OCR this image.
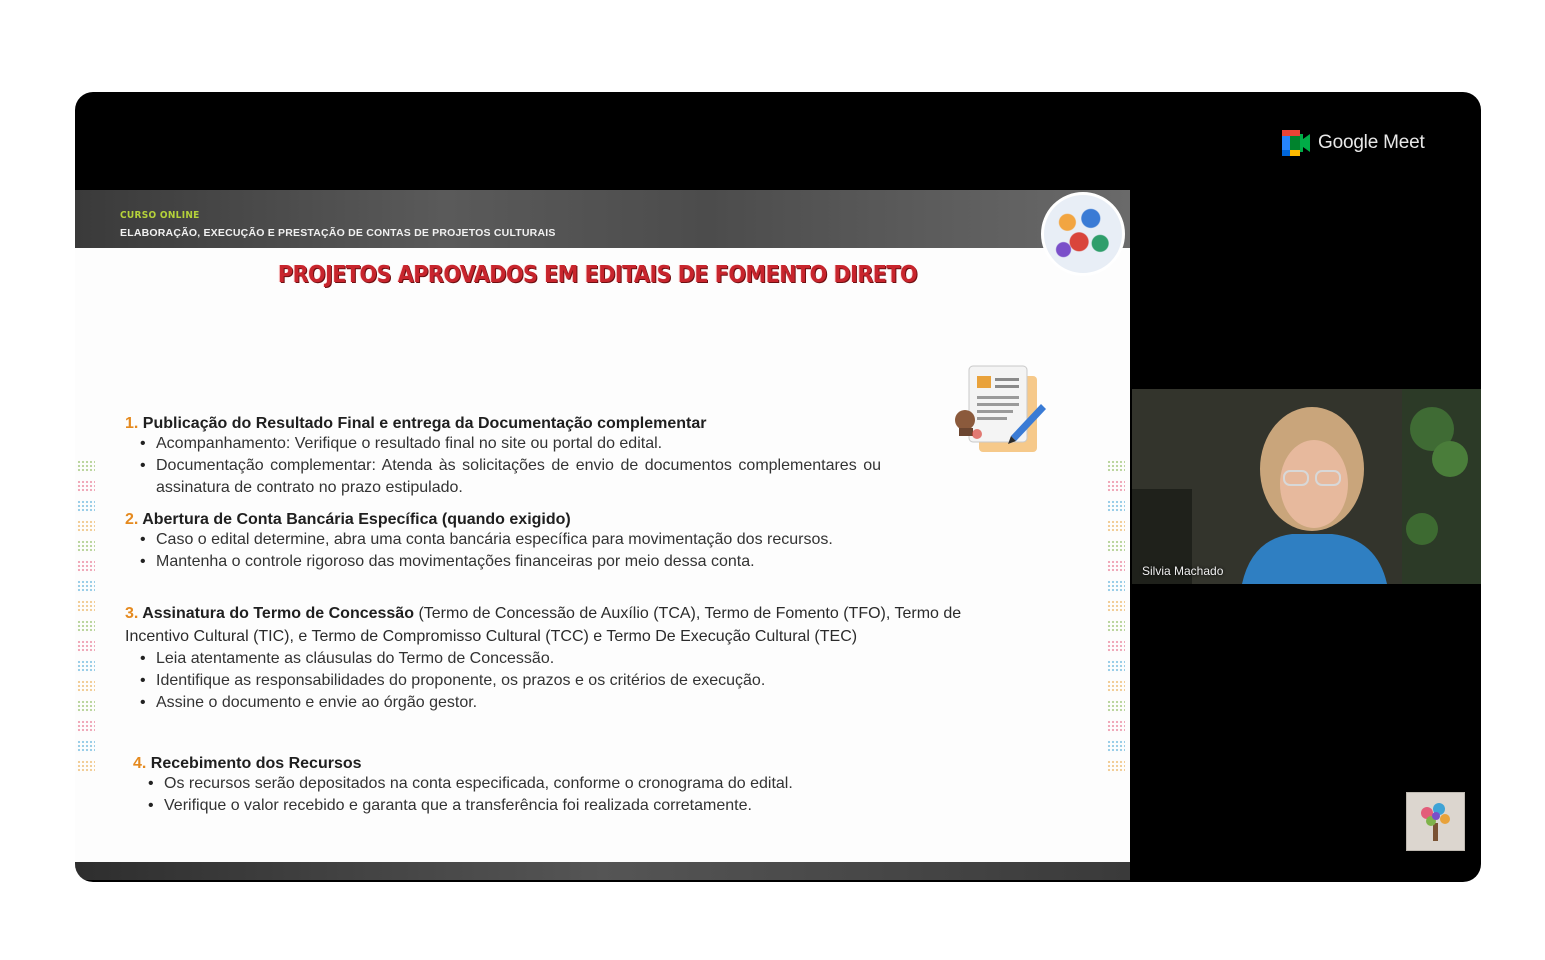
CURSO ONLINE
ELABORAÇÃO, EXECUÇÃO E PRESTAÇÃO DE CONTAS DE PROJETOS CULTURAIS
PROJETOS APROVADOS EM EDITAIS DE FOMENTO DIRETO
1. Publicação do Resultado Final e entrega da Documentação complementar
• Acompanhamento: Verifique o resultado final no site ou portal do edital.
• Documentação complementar: Atenda às solicitações de envio de documentos complementares ou assinatura de contrato no prazo estipulado.
2. Abertura de Conta Bancária Específica (quando exigido)
• Caso o edital determine, abra uma conta bancária específica para movimentação dos recursos.
• Mantenha o controle rigoroso das movimentações financeiras por meio dessa conta.
3. Assinatura do Termo de Concessão (Termo de Concessão de Auxílio (TCA), Termo de Fomento (TFO), Termo de Incentivo Cultural (TIC), e Termo de Compromisso Cultural (TCC) e Termo De Execução Cultural (TEC)
• Leia atentamente as cláusulas do Termo de Concessão.
• Identifique as responsabilidades do proponente, os prazos e os critérios de execução.
• Assine o documento e envie ao órgão gestor.
4. Recebimento dos Recursos
• Os recursos serão depositados na conta especificada, conforme o cronograma do edital.
• Verifique o valor recebido e garanta que a transferência foi realizada corretamente.
Google Meet
Silvia Machado
